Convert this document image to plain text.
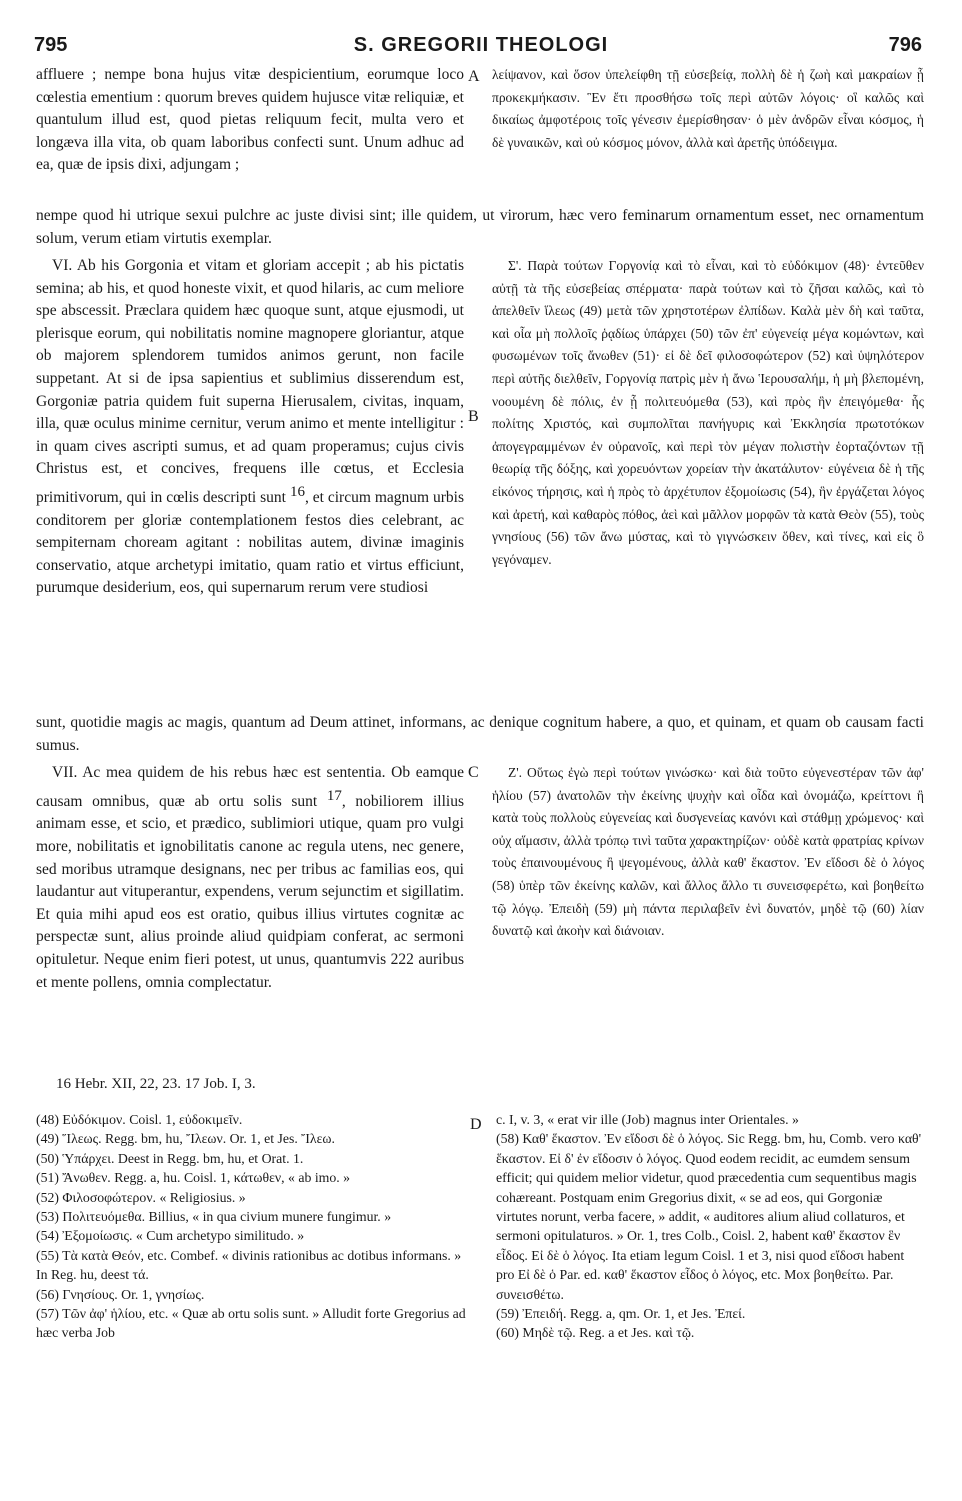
795	S. GREGORII THEOLOGI	796
A

affluere ; nempe bona hujus vitæ despicientium, eorumque loco cœlestia ementium : quorum breves quidem hujusce vitæ reliquiæ, et quantulum illud est, quod pietas reliquum fecit, multa vero et longæva illa vita, ob quam laboribus confecti sunt. Unum adhuc ad ea, quæ de ipsis dixi, adjungam ;

λείψανον, καὶ ὅσον ὑπελείφθη τῇ εὐσεβείᾳ, πολλὴ δὲ ἡ ζωὴ καὶ μακραίων ᾗ προκεκμήκασιν. Ἓν ἔτι προσθήσω τοῖς περὶ αὐτῶν λόγοις· οἳ καλῶς καὶ δικαίως ἀμφοτέροις τοῖς γένεσιν ἐμερίσθησαν· ὁ μὲν ἀνδρῶν εἶναι κόσμος, ἡ δὲ γυναικῶν, καὶ οὐ κόσμος μόνον, ἀλλὰ καὶ ἀρετῆς ὑπόδειγμα.

nempe quod hi utrique sexui pulchre ac juste divisi sint; ille quidem, ut virorum, hæc vero feminarum ornamentum esset, nec ornamentum solum, verum etiam virtutis exemplar.

B

VI. Ab his Gorgonia et vitam et gloriam accepit ; ab his pictatis semina; ab his, et quod honeste vixit, et quod hilaris, ac cum meliore spe abscessit. Præclara quidem hæc quoque sunt, atque ejusmodi, ut plerisque eorum, qui nobilitatis nomine magnopere gloriantur, atque ob majorem splendorem tumidos animos gerunt, non facile suppetant. At si de ipsa sapientius et sublimius disserendum est, Gorgoniæ patria quidem fuit superna Hierusalem, civitas, inquam, illa, quæ oculus minime cernitur, verum animo et mente intelligitur : in quam cives ascripti sumus, et ad quam properamus; cujus civis Christus est, et concives, frequens ille cœtus, et Ecclesia primitivorum, qui in cœlis descripti sunt $^{16}$, et circum magnum urbis conditorem per gloriæ contemplationem festos dies celebrant, ac sempiternam choream agitant : nobilitas autem, divinæ imaginis conservatio, atque archetypi imitatio, quam ratio et virtus efficiunt, purumque desiderium, eos, qui supernarum rerum vere studiosi

Σ'. Παρὰ τούτων Γοργονίᾳ καὶ τὸ εἶναι, καὶ τὸ εὐδόκιμον (48)· ἐντεῦθεν αὐτῇ τὰ τῆς εὐσεβείας σπέρματα· παρὰ τούτων καὶ τὸ ζῆσαι καλῶς, καὶ τὸ ἀπελθεῖν ἵλεως (49) μετὰ τῶν χρηστοτέρων ἐλπίδων. Καλὰ μὲν δὴ καὶ ταῦτα, καὶ οἷα μὴ πολλοῖς ῥᾳδίως ὑπάρχει (50) τῶν ἐπ' εὐγενείᾳ μέγα κομώντων, καὶ φυσωμένων τοῖς ἄνωθεν (51)· εἰ δὲ δεῖ φιλοσοφώτερον (52) καὶ ὑψηλότερον περὶ αὐτῆς διελθεῖν, Γοργονίᾳ πατρὶς μὲν ἡ ἄνω Ἱερουσαλήμ, ἡ μὴ βλεπομένη, νοουμένη δὲ πόλις, ἐν ᾗ πολιτευόμεθα (53), καὶ πρὸς ἣν ἐπειγόμεθα· ἧς πολίτης Χριστός, καὶ συμπολῖται πανήγυρις καὶ Ἐκκλησία πρωτοτόκων ἀπογεγραμμένων ἐν οὐρανοῖς, καὶ περὶ τὸν μέγαν πολιστὴν ἑορταζόντων τῇ θεωρίᾳ τῆς δόξης, καὶ χορευόντων χορείαν τὴν ἀκατάλυτον· εὐγένεια δὲ ἡ τῆς εἰκόνος τήρησις, καὶ ἡ πρὸς τὸ ἀρχέτυπον ἐξομοίωσις (54), ἣν ἐργάζεται λόγος καὶ ἀρετή, καὶ καθαρὸς πόθος, ἀεὶ καὶ μᾶλλον μορφῶν τὰ κατὰ Θεὸν (55), τοὺς γνησίους (56) τῶν ἄνω μύστας, καὶ τὸ γιγνώσκειν ὅθεν, καὶ τίνες, καὶ εἰς ὃ γεγόναμεν.

sunt, quotidie magis ac magis, quantum ad Deum attinet, informans, ac denique cognitum habere, a quo, et quinam, et quam ob causam facti sumus.

C

VII. Ac mea quidem de his rebus hæc est sententia. Ob eamque causam omnibus, quæ ab ortu solis sunt $^{17}$, nobiliorem illius animam esse, et scio, et prædico, sublimiori utique, quam pro vulgi more, nobilitatis et ignobilitatis canone ac regula utens, nec genere, sed moribus utramque designans, nec per tribus ac familias eos, qui laudantur aut vituperantur, expendens, verum sejunctim et sigillatim. Et quia mihi apud eos est oratio, quibus illius virtutes cognitæ ac perspectæ sunt, alius proinde aliud quidpiam conferat, ac sermoni opituletur. Neque enim fieri potest, ut unus, quantumvis 222 auribus et mente pollens, omnia complectatur.

Ζ'. Οὕτως ἐγὼ περὶ τούτων γινώσκω· καὶ διὰ τοῦτο εὐγενεστέραν τῶν ἀφ' ἡλίου (57) ἀνατολῶν τὴν ἐκείνης ψυχὴν καὶ οἶδα καὶ ὀνομάζω, κρείττονι ἢ κατὰ τοὺς πολλοὺς εὐγενείας καὶ δυσγενείας κανόνι καὶ στάθμῃ χρώμενος· καὶ οὐχ αἵμασιν, ἀλλὰ τρόπῳ τινὶ ταῦτα χαρακτηρίζων· οὐδὲ κατὰ φρατρίας κρίνων τοὺς ἐπαινουμένους ἢ ψεγομένους, ἀλλὰ καθ' ἕκαστον. Ἐν εἴδοσι δὲ ὁ λόγος (58) ὑπὲρ τῶν ἐκείνης καλῶν, καὶ ἄλλος ἄλλο τι συνεισφερέτω, καὶ βοηθείτω τῷ λόγῳ. Ἐπειδὴ (59) μὴ πάντα περιλαβεῖν ἑνὶ δυνατόν, μηδὲ τῷ (60) λίαν δυνατῷ καὶ ἀκοὴν καὶ διάνοιαν.

16 Hebr. XII, 22, 23. 17 Job. I, 3.
D

(48) Εὐδόκιμον. Coisl. 1, εὐδοκιμεῖν.

(49) Ἵλεως. Regg. bm, hu, Ἴλεων. Or. 1, et Jes. Ἴλεω.

(50) Ὑπάρχει. Deest in Regg. bm, hu, et Orat. 1.

(51) Ἄνωθεν. Regg. a, hu. Coisl. 1, κάτωθεν, « ab imo. »

(52) Φιλοσοφώτερον. « Religiosius. »

(53) Πολιτευόμεθα. Billius, « in qua civium munere fungimur. »

(54) Ἐξομοίωσις. « Cum archetypo similitudo. »

(55) Τὰ κατὰ Θεόν, etc. Combef. « divinis rationibus ac dotibus informans. » In Reg. hu, deest τά.

(56) Γνησίους. Or. 1, γνησίως.

(57) Τῶν ἀφ' ἡλίου, etc. « Quæ ab ortu solis sunt. » Alludit forte Gregorius ad hæc verba Job

c. I, v. 3, « erat vir ille (Job) magnus inter Orientales. »

(58) Καθ' ἕκαστον. Ἐν εἴδοσι δὲ ὁ λόγος. Sic Regg. bm, hu, Comb. vero καθ' ἕκαστον. Εἰ δ' ἐν εἴδοσιν ὁ λόγος. Quod eodem recidit, ac eumdem sensum efficit; qui quidem melior videtur, quod præcedentia cum sequentibus magis cohæreant. Postquam enim Gregorius dixit, « se ad eos, qui Gorgoniæ virtutes norunt, verba facere, » addit, « auditores alium aliud collaturos, et sermoni opitulaturos. » Or. 1, tres Colb., Coisl. 2, habent καθ' ἕκαστον ἓν εἶδος. Εἰ δὲ ὁ λόγος. Ita etiam legum Coisl. 1 et 3, nisi quod εἴδοσι habent pro Εἰ δὲ ὁ Par. ed. καθ' ἕκαστον εἶδος ὁ λόγος, etc. Mox βοηθείτω. Par. συνεισθέτω.

(59) Ἐπειδή. Regg. a, qm. Or. 1, et Jes. Ἐπεί.

(60) Μηδὲ τῷ. Reg. a et Jes. καὶ τῷ.
